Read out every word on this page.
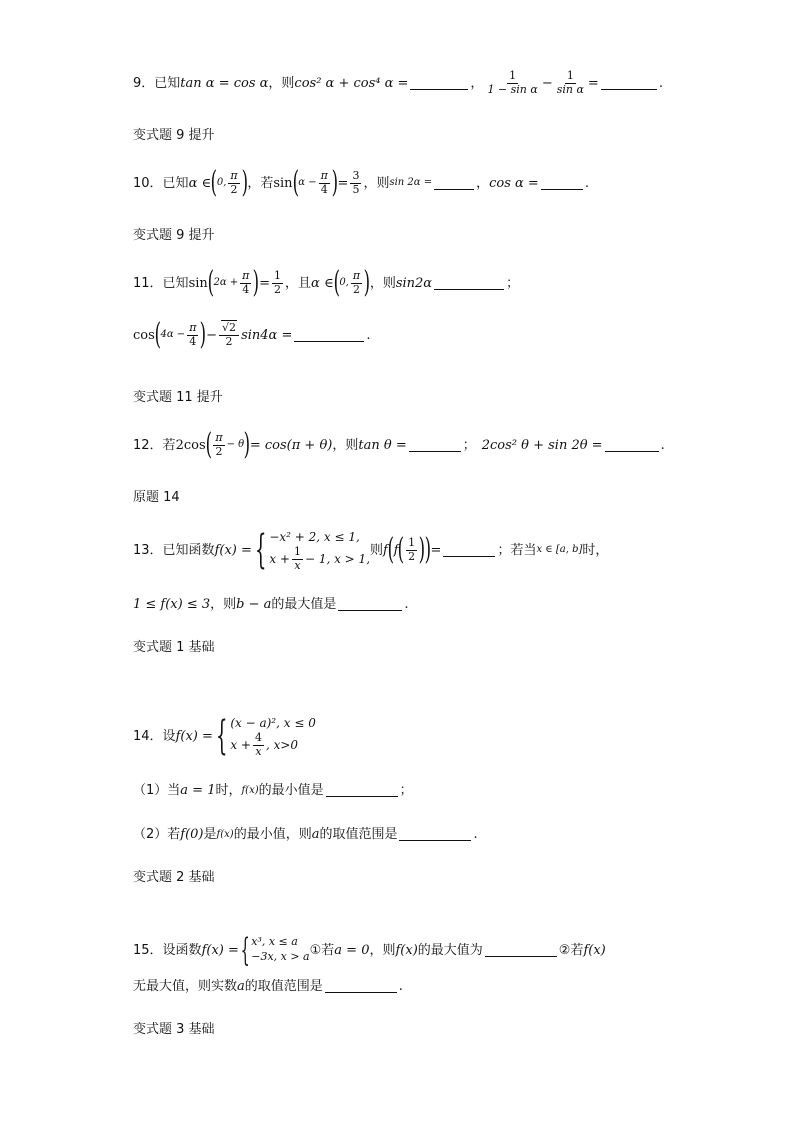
9． 已知 tan α = cos α ，则 cos² α + cos⁴ α =	， $\frac{1}{\text{1 − sin α}} - \frac{1}{\text{sin α}}$ =	.
变式题 9 提升
10． 已知 α ∈ ( 0, $\frac{\pi}{2}$ ) ，若 sin ( $\alpha - \frac{\pi}{4}$ ) = $\frac{3}{5}$ ，则 sin 2α =	， cos α =	.
变式题 9 提升
11． 已知 sin ( $2\alpha + \frac{\pi}{4}$ ) = $\frac{1}{2}$ ，且 α ∈ ( 0, $\frac{\pi}{2}$ ) ，则 sin2α	；
cos ( $4\alpha - \frac{\pi}{4}$ ) − $\frac{√2}{2} \sin 4\alpha$ =	.
变式题 11 提升
12． 若 2cos ( $\frac{\pi}{2} - \theta$ ) = cos(π + θ) ，则 tan θ =	； 2cos² θ + sin 2θ =	.
原题 14
13． 已知函数 f(x) = { −x² + 2, x ≤ 1,
$x + \frac{1}{x} - 1$, x > 1,
则 f ( f ( $\frac{1}{2}$ ) ) =	；若当 x ∈ [a, b] 时，
1 ≤ f(x) ≤ 3 ，则 b − a 的最大值是	.
变式题 1 基础
14． 设 f(x) = { (x − a)², x ≤ 0
$x + \frac{4}{x}$ , x>0
（1）当 a = 1 时， f(x) 的最小值是	；
（2）若 f(0) 是 f(x) 的最小值，则 a 的取值范围是	.
变式题 2 基础
15． 设函数 f(x) = { x³, x ≤ a
−3x, x > a ①若 a = 0 ，则 f(x) 的最大值为	②若 f(x)
无最大值，则实数 a 的取值范围是	.
变式题 3 基础
